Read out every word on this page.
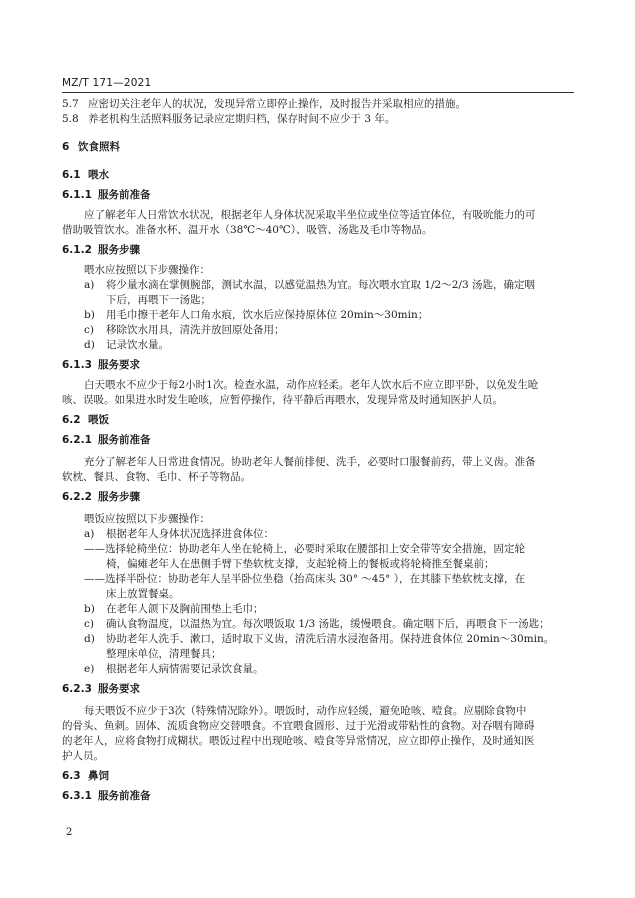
MZ/T 171—2021
5.7 应密切关注老年人的状况，发现异常立即停止操作，及时报告并采取相应的措施。
5.8 养老机构生活照料服务记录应定期归档，保存时间不应少于 3 年。
6 饮食照料
6.1 喂水
6.1.1 服务前准备
应了解老年人日常饮水状况，根据老年人身体状况采取半坐位或坐位等适宜体位，有吸吮能力的可
借助吸管饮水。准备水杯、温开水（38℃～40℃）、吸管、汤匙及毛巾等物品。
6.1.2 服务步骤
喂水应按照以下步骤操作：
a) 将少量水滴在掌侧腕部，测试水温，以感觉温热为宜。每次喂水宜取 1/2～2/3 汤匙，确定咽
下后，再喂下一汤匙；
b) 用毛巾擦干老年人口角水痕，饮水后应保持原体位 20min～30min；
c) 移除饮水用具，清洗并放回原处备用；
d) 记录饮水量。
6.1.3 服务要求
白天喂水不应少于每2小时1次。检查水温，动作应轻柔。老年人饮水后不应立即平卧，以免发生呛
咳、误吸。如果进水时发生呛咳，应暂停操作，待平静后再喂水，发现异常及时通知医护人员。
6.2 喂饭
6.2.1 服务前准备
充分了解老年人日常进食情况。协助老年人餐前排便、洗手，必要时口服餐前药，带上义齿。准备
软枕、餐具、食物、毛巾、杯子等物品。
6.2.2 服务步骤
喂饭应按照以下步骤操作：
a) 根据老年人身体状况选择进食体位：
——选择轮椅坐位：协助老年人坐在轮椅上，必要时采取在腰部扣上安全带等安全措施，固定轮
椅，偏瘫老年人在患侧手臂下垫软枕支撑，支起轮椅上的餐板或将轮椅推至餐桌前；
——选择半卧位：协助老年人呈半卧位坐稳（抬高床头 30° ～45° ），在其膝下垫软枕支撑，在
床上放置餐桌。
b) 在老年人颌下及胸前围垫上毛巾；
c) 确认食物温度，以温热为宜。每次喂饭取 1/3 汤匙，缓慢喂食。确定咽下后，再喂食下一汤匙；
d) 协助老年人洗手、漱口，适时取下义齿，清洗后清水浸泡备用。保持进食体位 20min～30min。
整理床单位，清理餐具；
e) 根据老年人病情需要记录饮食量。
6.2.3 服务要求
每天喂饭不应少于3次（特殊情况除外）。喂饭时，动作应轻缓，避免呛咳、噎食。应剔除食物中
的骨头、鱼刺。固体、流质食物应交替喂食。不宜喂食圆形、过于光滑或带粘性的食物。对吞咽有障碍
的老年人，应将食物打成糊状。喂饭过程中出现呛咳、噎食等异常情况，应立即停止操作，及时通知医
护人员。
6.3 鼻饲
6.3.1 服务前准备
2
